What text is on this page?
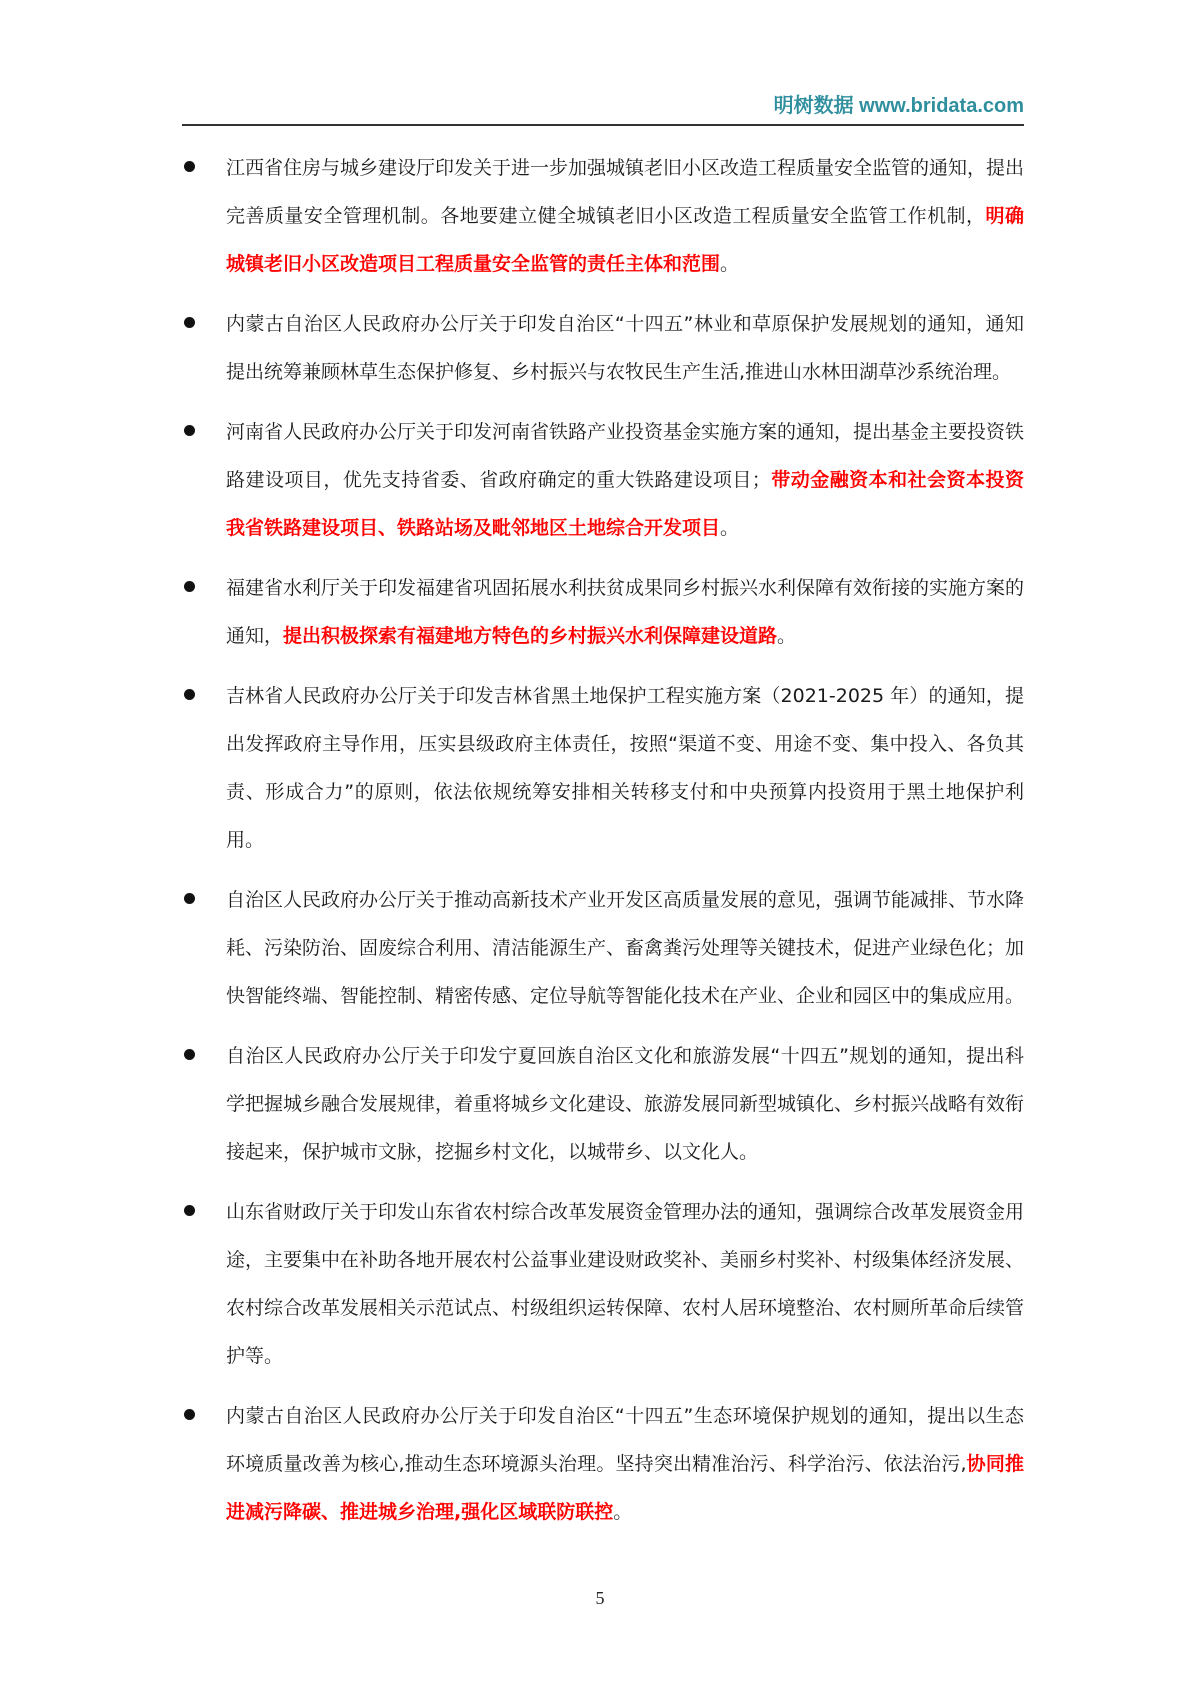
明树数据 www.bridata.com
江西省住房与城乡建设厅印发关于进一步加强城镇老旧小区改造工程质量安全监管的通知，提出完善质量安全管理机制。各地要建立健全城镇老旧小区改造工程质量安全监管工作机制，明确城镇老旧小区改造项目工程质量安全监管的责任主体和范围。
内蒙古自治区人民政府办公厅关于印发自治区“十四五”林业和草原保护发展规划的通知，通知提出统筹兼顾林草生态保护修复、乡村振兴与农牧民生产生活,推进山水林田湖草沙系统治理。
河南省人民政府办公厅关于印发河南省铁路产业投资基金实施方案的通知，提出基金主要投资铁路建设项目，优先支持省委、省政府确定的重大铁路建设项目；带动金融资本和社会资本投资我省铁路建设项目、铁路站场及毗邻地区土地综合开发项目。
福建省水利厅关于印发福建省巩固拓展水利扶贫成果同乡村振兴水利保障有效衔接的实施方案的通知，提出积极探索有福建地方特色的乡村振兴水利保障建设道路。
吉林省人民政府办公厅关于印发吉林省黑土地保护工程实施方案（2021-2025 年）的通知，提出发挥政府主导作用，压实县级政府主体责任，按照“渠道不变、用途不变、集中投入、各负其责、形成合力”的原则，依法依规统筹安排相关转移支付和中央预算内投资用于黑土地保护利用。
自治区人民政府办公厅关于推动高新技术产业开发区高质量发展的意见，强调节能减排、节水降耗、污染防治、固废综合利用、清洁能源生产、畜禽粪污处理等关键技术，促进产业绿色化；加快智能终端、智能控制、精密传感、定位导航等智能化技术在产业、企业和园区中的集成应用。
自治区人民政府办公厅关于印发宁夏回族自治区文化和旅游发展“十四五”规划的通知，提出科学把握城乡融合发展规律，着重将城乡文化建设、旅游发展同新型城镇化、乡村振兴战略有效衔接起来，保护城市文脉，挖掘乡村文化，以城带乡、以文化人。
山东省财政厅关于印发山东省农村综合改革发展资金管理办法的通知，强调综合改革发展资金用途，主要集中在补助各地开展农村公益事业建设财政奖补、美丽乡村奖补、村级集体经济发展、农村综合改革发展相关示范试点、村级组织运转保障、农村人居环境整治、农村厕所革命后续管护等。
内蒙古自治区人民政府办公厅关于印发自治区“十四五”生态环境保护规划的通知，提出以生态环境质量改善为核心,推动生态环境源头治理。坚持突出精准治污、科学治污、依法治污,协同推进减污降碳、推进城乡治理,强化区域联防联控。
5
